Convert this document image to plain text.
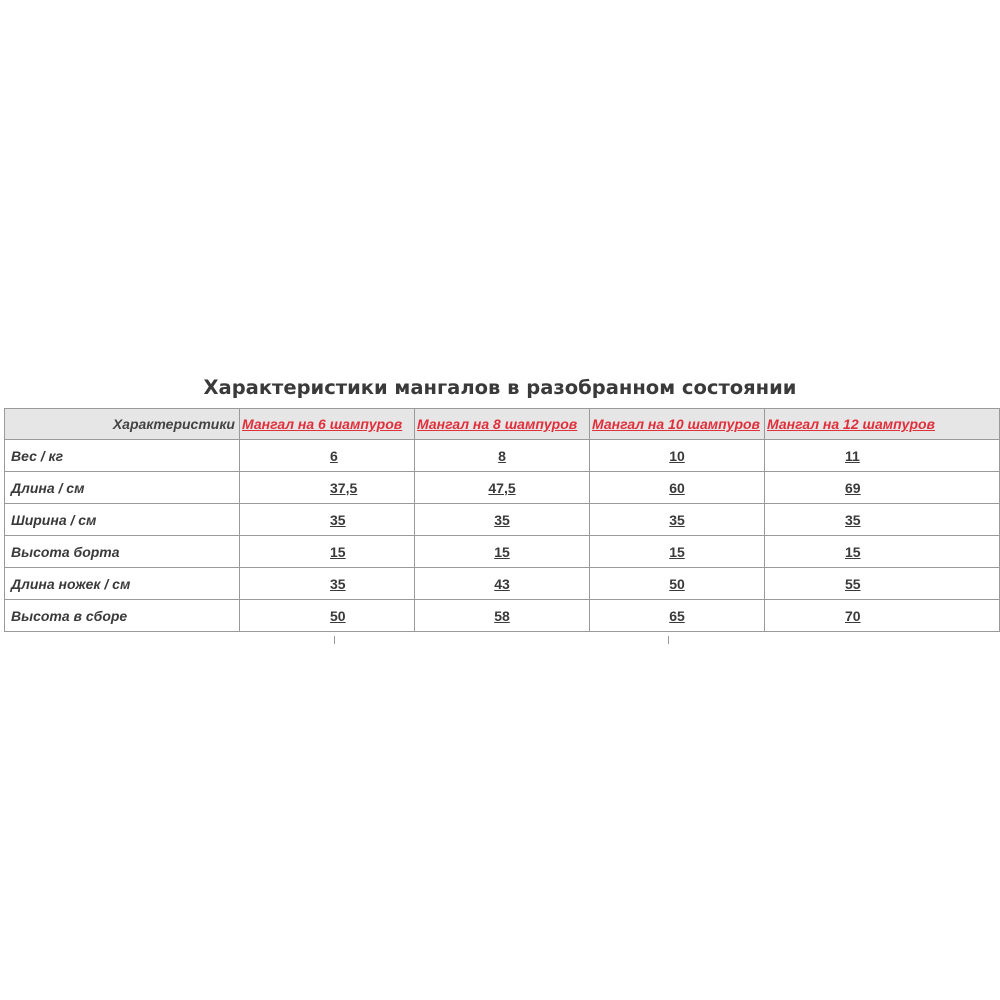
Характеристики мангалов в разобранном состоянии
Характеристики	Мангал на 6 шампуров	Мангал на 8 шампуров	Мангал на 10 шампуров	Мангал на 12 шампуров
Вес / кг	6	8	10	11
Длина / см	37,5	47,5	60	69
Ширина / см	35	35	35	35
Высота борта	15	15	15	15
Длина ножек / см	35	43	50	55
Высота в сборе	50	58	65	70
